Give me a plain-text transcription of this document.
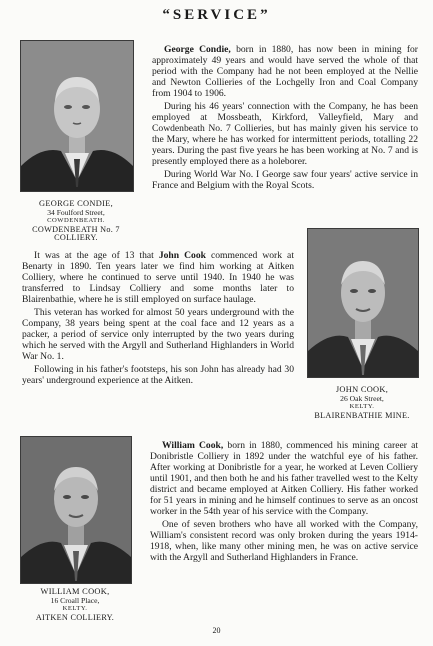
“SERVICE”
GEORGE CONDIE,
34 Foulford Street,
COWDENBEATH.
COWDENBEATH No. 7 COLLIERY.

George Condie, born in 1880, has now been in mining for approximately 49 years and would have served the whole of that period with the Company had he not been employed at the Nellie and Newton Collieries of the Lochgelly Iron and Coal Company from 1904 to 1906.

During his 46 years' connection with the Company, he has been employed at Mossbeath, Kirkford, Valleyfield, Mary and Cowdenbeath No. 7 Collieries, but has mainly given his service to the Mary, where he has worked for intermittent periods, totalling 22 years. During the past five years he has been working at No. 7 and is presently employed there as a holeborer.

During World War No. I George saw four years' active service in France and Belgium with the Royal Scots.

It was at the age of 13 that John Cook commenced work at Benarty in 1890. Ten years later we find him working at Aitken Colliery, where he continued to serve until 1940. In 1940 he was transferred to Lindsay Colliery and some months later to Blairenbathie, where he is still employed on surface haulage.

This veteran has worked for almost 50 years underground with the Company, 38 years being spent at the coal face and 12 years as a packer, a period of service only interrupted by the two years during which he served with the Argyll and Sutherland Highlanders in World War No. 1.

Following in his father's footsteps, his son John has already had 30 years' underground experience at the Aitken.

JOHN COOK,
26 Oak Street,
KELTY.
BLAIRENBATHIE MINE.
WILLIAM COOK,
16 Croall Place,
KELTY.
AITKEN COLLIERY.

William Cook, born in 1880, commenced his mining career at Donibristle Colliery in 1892 under the watchful eye of his father. After working at Donibristle for a year, he worked at Leven Colliery until 1901, and then both he and his father travelled west to the Kelty district and became employed at Aitken Colliery. His father worked for 51 years in mining and he himself continues to serve as an oncost worker in the 54th year of his service with the Company.

One of seven brothers who have all worked with the Company, William's consistent record was only broken during the years 1914-1918, when, like many other mining men, he was on active service with the Argyll and Sutherland Highlanders in France.

20
